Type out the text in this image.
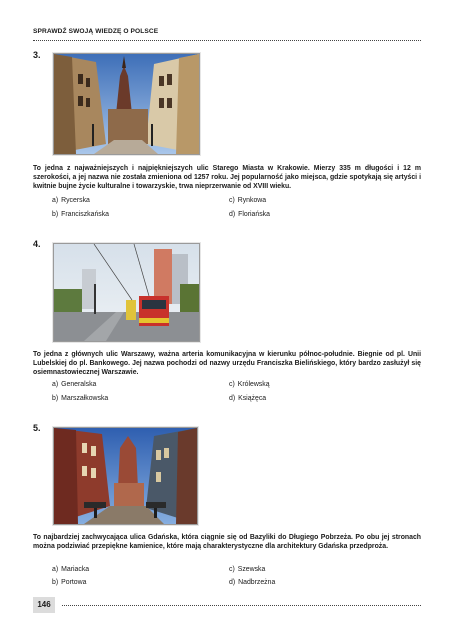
SPRAWDŹ SWOJĄ WIEDZĘ O POLSCE
3.
To jedna z najważniejszych i najpiękniejszych ulic Starego Miasta w Krakowie. Mierzy 335 m długości i 12 m szerokości, a jej nazwa nie została zmieniona od 1257 roku. Jej popularność jako miejsca, gdzie spotykają się artyści i kwitnie bujne życie kulturalne i towarzyskie, trwa nieprzerwanie od XVIII wieku.
a) Rycerska	c) Rynkowa
b) Franciszkańska	d) Floriańska
4.
To jedna z głównych ulic Warszawy, ważna arteria komunikacyjna w kierunku północ-południe. Biegnie od pl. Unii Lubelskiej do pl. Bankowego. Jej nazwa pochodzi od nazwy urzędu Franciszka Bielińskiego, który bardzo zasłużył się osiemnastowiecznej Warszawie.
a) Generalska	c) Królewską
b) Marszałkowska	d) Książęca
5.
To najbardziej zachwycająca ulica Gdańska, która ciągnie się od Bazyliki do Długiego Pobrzeża. Po obu jej stronach można podziwiać przepiękne kamienice, które mają charakterystyczne dla architektury Gdańska przedproża.
a) Mariacka	c) Szewska
b) Portowa	d) Nadbrzeżna
146
